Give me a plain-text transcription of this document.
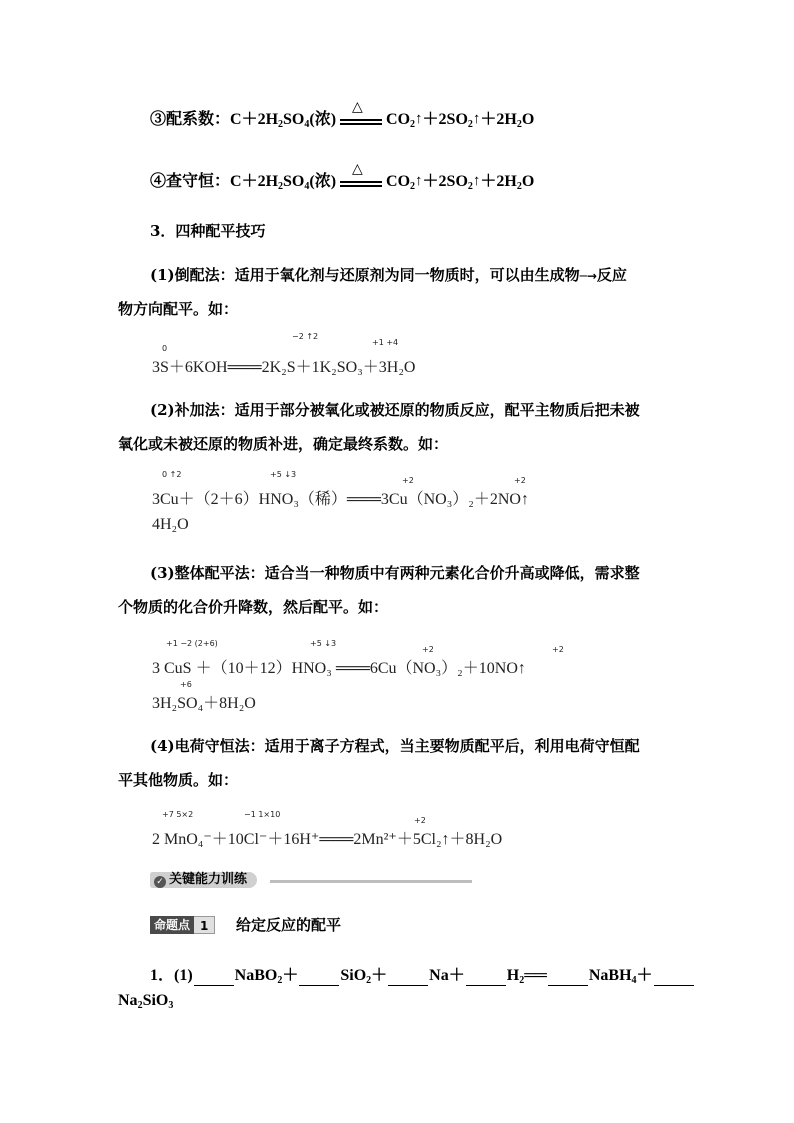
③配系数：$C+2H_2SO_4$(浓)
△
$CO_2↑+2SO_2↑+2H_2O$
④查守恒：$C+2H_2SO_4$(浓)
△
$CO_2↑+2SO_2↑+2H_2O$
3．四种配平技巧
(1)倒配法：适用于氧化剂与还原剂为同一物质时，可以由生成物─→反应
物方向配平。如：
0
−2 ↑2
+1 +4
3S＋6KOH═══2K₂S＋1K₂SO₃＋3H₂O
(2)补加法：适用于部分被氧化或被还原的物质反应，配平主物质后把未被
氧化或未被还原的物质补进，确定最终系数。如：
0 ↑2	+5 ↓3
+2	+2
3Cu＋（2＋6）HNO₃（稀）═══3Cu（NO₃）₂＋2NO↑
4H₂O
(3)整体配平法：适合当一种物质中有两种元素化合价升高或降低，需求整
个物质的化合价升降数，然后配平。如：
+1 −2 (2+6)	+5 ↓3
+2	+2
3 CuS ＋（10＋12）HNO₃ ═══6Cu（NO₃）₂＋10NO↑
+6
3H₂SO₄＋8H₂O
(4)电荷守恒法：适用于离子方程式，当主要物质配平后，利用电荷守恒配
平其他物质。如：
+7 5×2	−1 1×10
+2
2 MnO₄⁻＋10Cl⁻＋16H⁺═══2Mn²⁺＋5Cl₂↑＋8H₂O
✓ 关键能力训练
命题点 1	给定反应的配平
1．(1)	NaBO$_2$＋	SiO$_2$＋	Na＋	$H_2══$	NaBH$_4$＋
$Na_2SiO_3$
